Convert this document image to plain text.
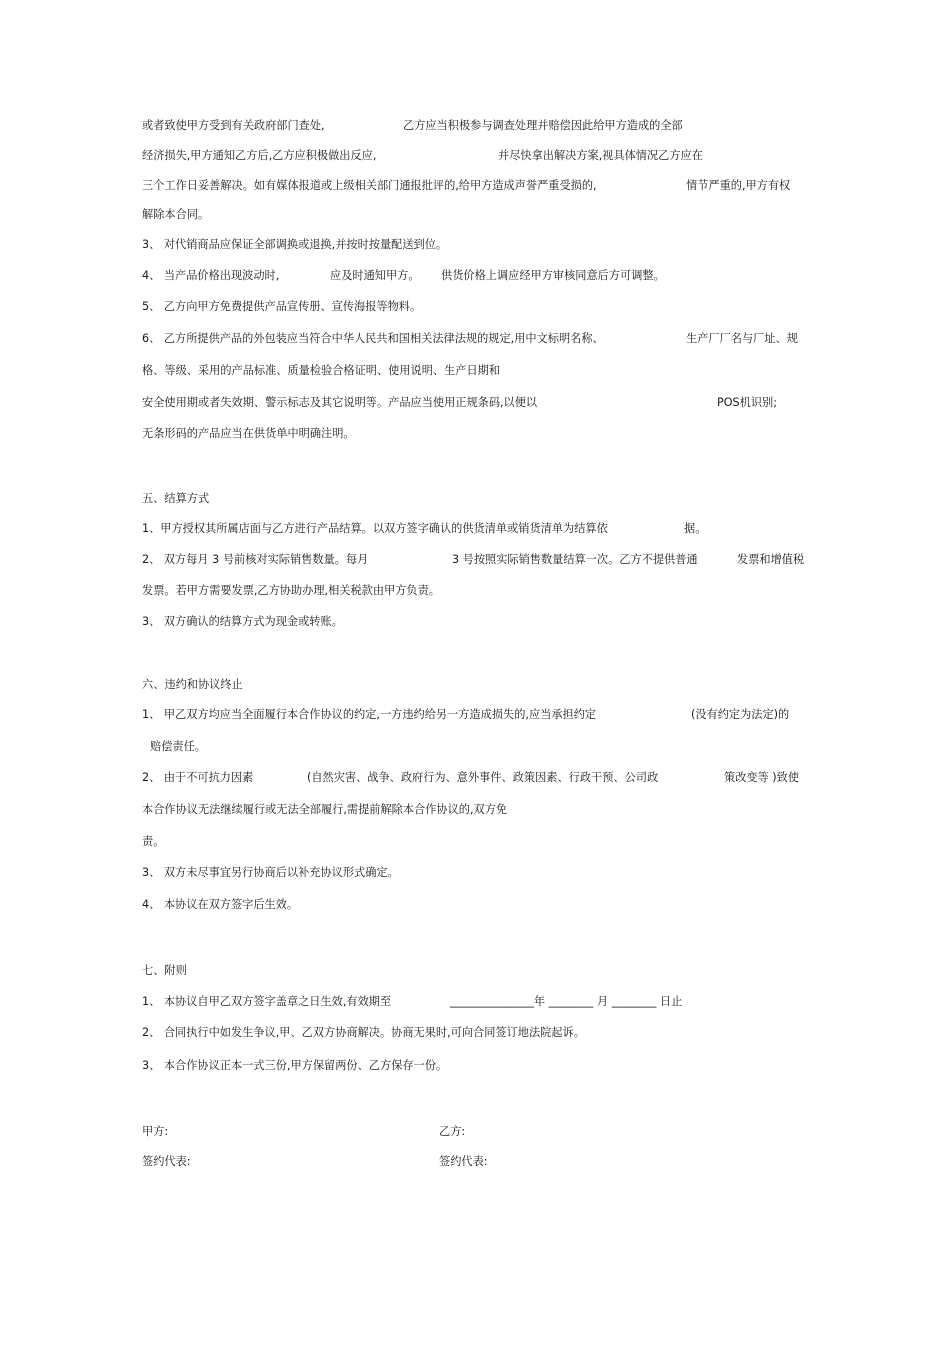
或者致使甲方受到有关政府部门查处,	乙方应当积极参与调查处理并赔偿因此给甲方造成的全部
经济损失,甲方通知乙方后,乙方应积极做出反应,	并尽快拿出解决方案,视具体情况乙方应在
三个工作日妥善解决。如有媒体报道或上级相关部门通报批评的,给甲方造成声誉严重受损的,	情节严重的,甲方有权
解除本合同。
3、 对代销商品应保证全部调换或退换,并按时按量配送到位。
4、 当产品价格出现波动时,	应及时通知甲方。 供货价格上调应经甲方审核同意后方可调整。
5、 乙方向甲方免费提供产品宣传册、宣传海报等物料。
6、 乙方所提供产品的外包装应当符合中华人民共和国相关法律法规的规定,用中文标明名称、	生产厂厂名与厂址、规
格、等级、采用的产品标准、质量检验合格证明、使用说明、生产日期和
安全使用期或者失效期、警示标志及其它说明等。产品应当使用正规条码,以便以	POS机识别;
无条形码的产品应当在供货单中明确注明。
五、结算方式
1、甲方授权其所属店面与乙方进行产品结算。以双方签字确认的供货清单或销货清单为结算依	据。
2、 双方每月 3 号前核对实际销售数量。每月	3 号按照实际销售数量结算一次。乙方不提供普通	发票和增值税
发票。若甲方需要发票,乙方协助办理,相关税款由甲方负责。
3、 双方确认的结算方式为现金或转账。
六、违约和协议终止
1、 甲乙双方均应当全面履行本合作协议的约定,一方违约给另一方造成损失的,应当承担约定	(没有约定为法定)的
赔偿责任。
2、 由于不可抗力因素	(自然灾害、战争、政府行为、意外事件、政策因素、行政干预、公司政	策改变等 )致使
本合作协议无法继续履行或无法全部履行,需提前解除本合作协议的,双方免
责。
3、 双方未尽事宜另行协商后以补充协议形式确定。
4、 本协议在双方签字后生效。
七、附则
1、 本协议自甲乙双方签字盖章之日生效,有效期至	_______________年 ________ 月 ________ 日止
2、 合同执行中如发生争议,甲、乙双方协商解决。协商无果时,可向合同签订地法院起诉。
3、 本合作协议正本一式三份,甲方保留两份、乙方保存一份。
甲方:	乙方:
签约代表:	签约代表:
